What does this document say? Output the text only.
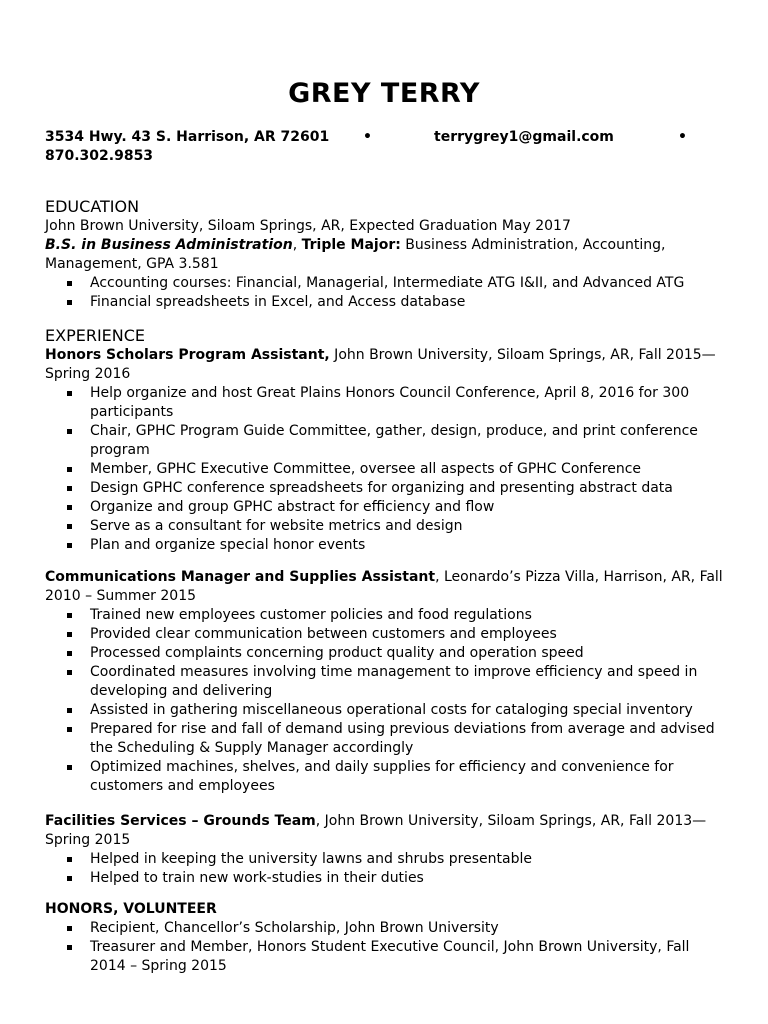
GREY TERRY
3534 Hwy. 43 S. Harrison, AR 72601 •	terrygrey1@gmail.com	•
870.302.9853
EDUCATION
John Brown University, Siloam Springs, AR, Expected Graduation May 2017
B.S. in Business Administration, Triple Major: Business Administration, Accounting, Management, GPA 3.581
Accounting courses: Financial, Managerial, Intermediate ATG I&II, and Advanced ATG
Financial spreadsheets in Excel, and Access database
EXPERIENCE
Honors Scholars Program Assistant, John Brown University, Siloam Springs, AR, Fall 2015—Spring 2016
Help organize and host Great Plains Honors Council Conference, April 8, 2016 for 300 participants
Chair, GPHC Program Guide Committee, gather, design, produce, and print conference program
Member, GPHC Executive Committee, oversee all aspects of GPHC Conference
Design GPHC conference spreadsheets for organizing and presenting abstract data
Organize and group GPHC abstract for efficiency and flow
Serve as a consultant for website metrics and design
Plan and organize special honor events
Communications Manager and Supplies Assistant, Leonardo’s Pizza Villa, Harrison, AR, Fall 2010 – Summer 2015
Trained new employees customer policies and food regulations
Provided clear communication between customers and employees
Processed complaints concerning product quality and operation speed
Coordinated measures involving time management to improve efficiency and speed in developing and delivering
Assisted in gathering miscellaneous operational costs for cataloging special inventory
Prepared for rise and fall of demand using previous deviations from average and advised the Scheduling & Supply Manager accordingly
Optimized machines, shelves, and daily supplies for efficiency and convenience for customers and employees
Facilities Services – Grounds Team, John Brown University, Siloam Springs, AR, Fall 2013—Spring 2015
Helped in keeping the university lawns and shrubs presentable
Helped to train new work-studies in their duties
HONORS, VOLUNTEER
Recipient, Chancellor’s Scholarship, John Brown University
Treasurer and Member, Honors Student Executive Council, John Brown University, Fall 2014 – Spring 2015
